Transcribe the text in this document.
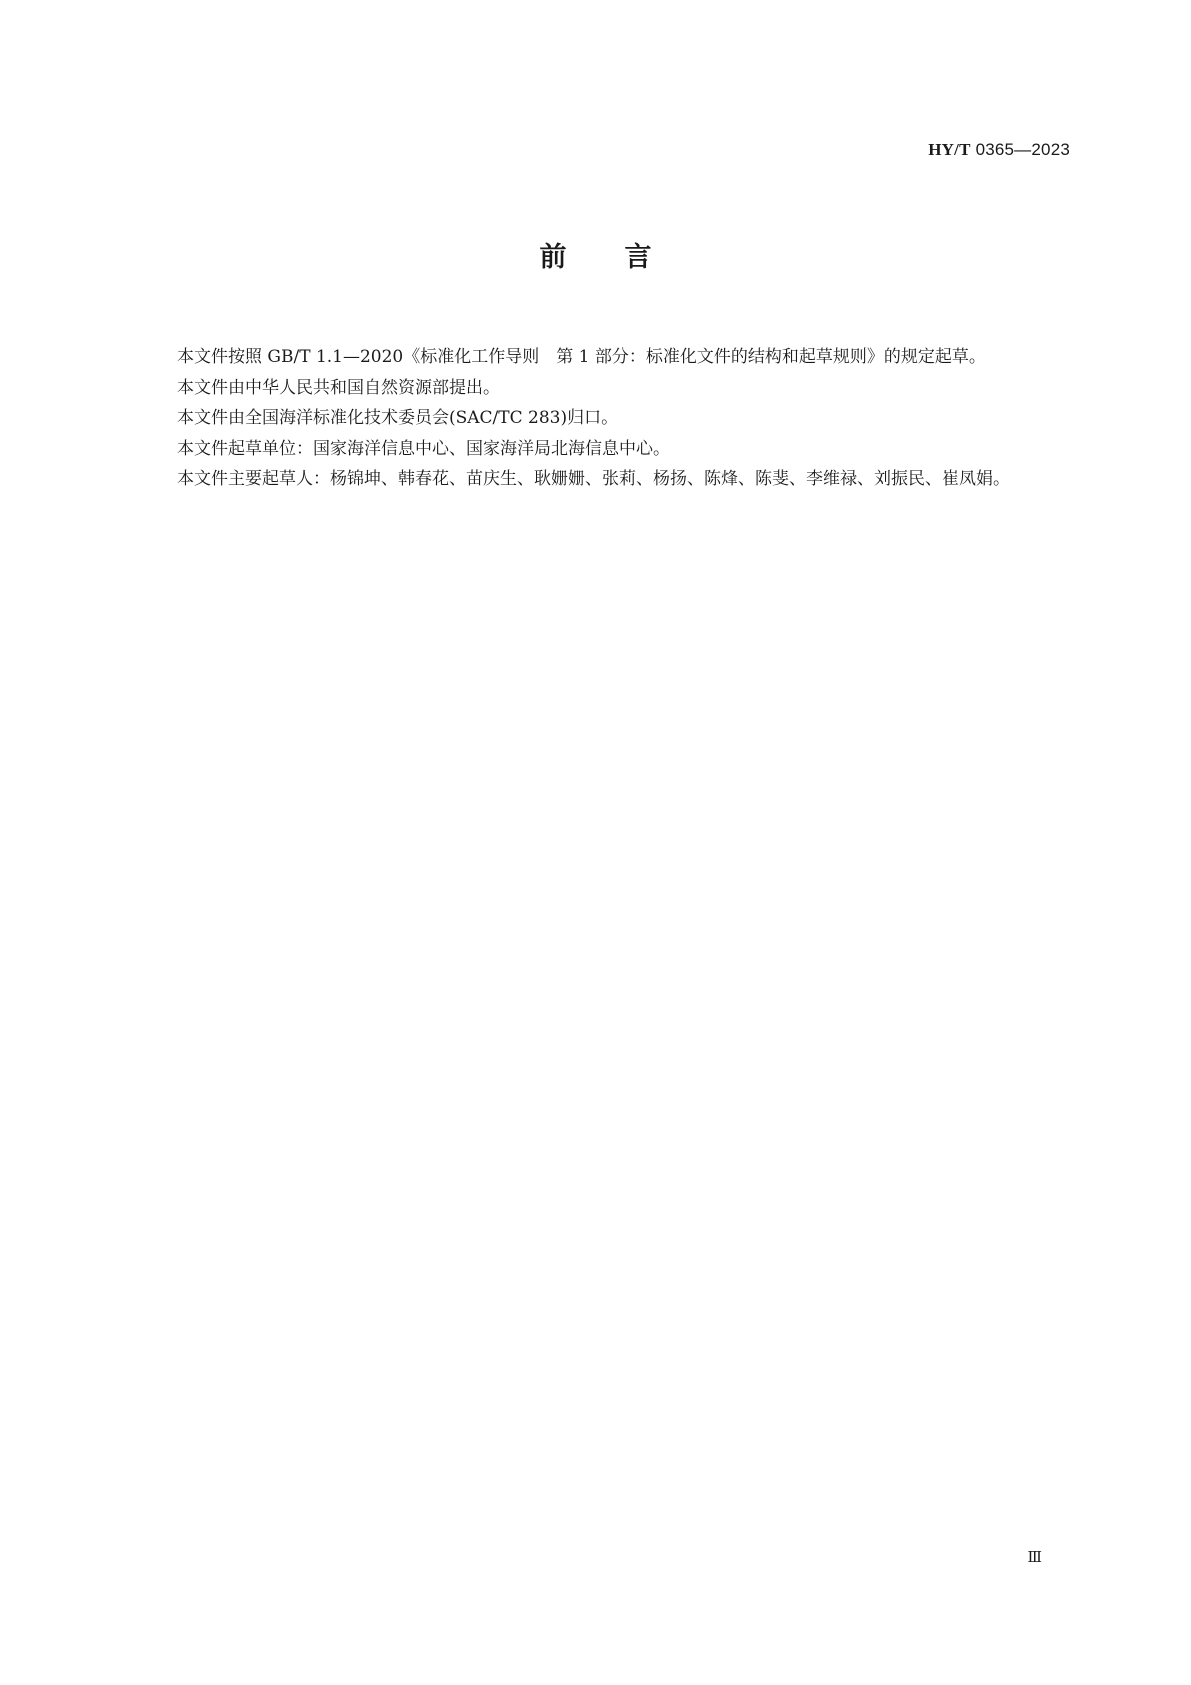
HY/T 0365—2023
前言

本文件按照 GB/T 1.1—2020《标准化工作导则　第 1 部分：标准化文件的结构和起草规则》的规定起草。

本文件由中华人民共和国自然资源部提出。

本文件由全国海洋标准化技术委员会(SAC/TC 283)归口。

本文件起草单位：国家海洋信息中心、国家海洋局北海信息中心。

本文件主要起草人：杨锦坤、韩春花、苗庆生、耿姗姗、张莉、杨扬、陈烽、陈斐、李维禄、刘振民、崔凤娟。

Ⅲ
